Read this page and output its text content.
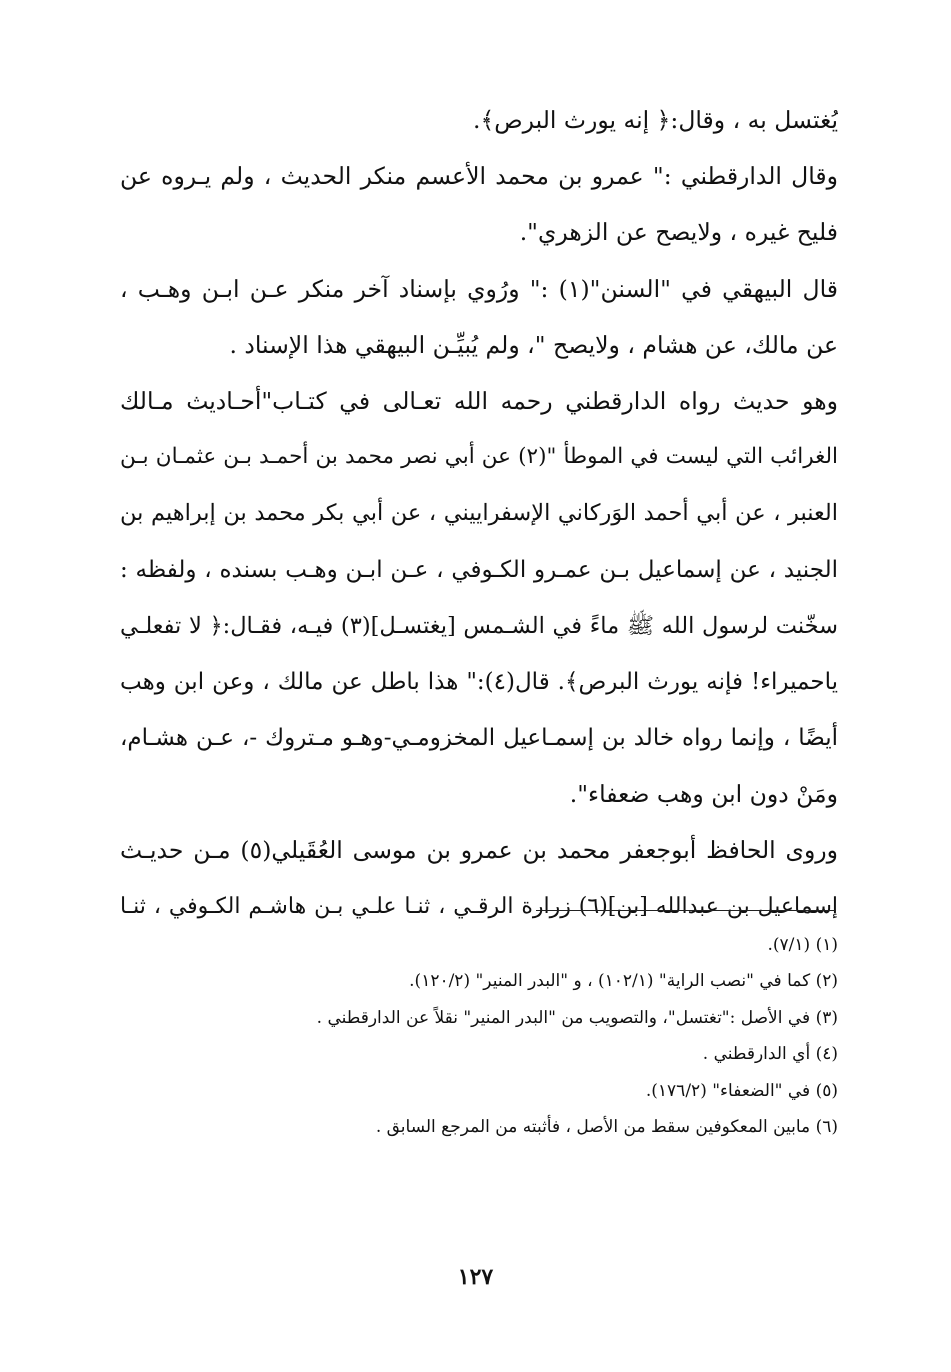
يُغتسل به ، وقال:﴿ إنه يورث البرص﴾.
وقال الدارقطني :" عمرو بن محمد الأعسم منكر الحديث ، ولم يـروه عن
فليح غيره ، ولايصح عن الزهري".
قال البيهقي في "السنن"(١) :" ورُوي بإسناد آخر منكر عـن ابـن وهـب ،
عن مالك، عن هشام ، ولايصح "، ولم يُبيِّـن البيهقي هذا الإسناد .
وهو حديث رواه الدارقطني رحمه الله تعـالى في كتـاب"أحـاديث مـالك
الغرائب التي ليست في الموطأ "(٢) عن أبي نصر محمد بن أحمـد بـن عثمـان بـن
العنبر ، عن أبي أحمد الوَركاني الإسفراييني ، عن أبي بكر محمد بن إبراهيم بن
الجنيد ، عن إسماعيل بـن عمـرو الكـوفي ، عـن ابـن وهـب بسنده ، ولفظه :
سخّنت لرسول الله ﷺ ماءً في الشـمس [يغتسـل](٣) فيـه، فقـال:﴿ لا تفعلـي
ياحميراء! فإنه يورث البرص﴾. قال(٤):" هذا باطل عن مالك ، وعن ابن وهب
أيضًا ، وإنما رواه خالد بن إسمـاعيل المخزومـي-وهـو مـتروك -، عـن هشـام،
ومَنْ دون ابن وهب ضعفاء".
وروى الحافظ أبوجعفر محمد بن عمرو بن موسى العُقَيلي(٥) مـن حديـث
إسماعيل بن عبدالله [بن](٦) زرارة الرقـي ، ثنـا علـي بـن هاشـم الكـوفي ، ثنـا
(١) (٧/١).
(٢) كما في "نصب الراية" (١٠٢/١) ، و "البدر المنير" (١٢٠/٢).
(٣) في الأصل :"تغتسل"، والتصويب من "البدر المنير" نقلاً عن الدارقطني .
(٤) أي الدارقطني .
(٥) في "الضعفاء" (١٧٦/٢).
(٦) مابين المعكوفين سقط من الأصل ، فأثبته من المرجع السابق .
١٢٧
